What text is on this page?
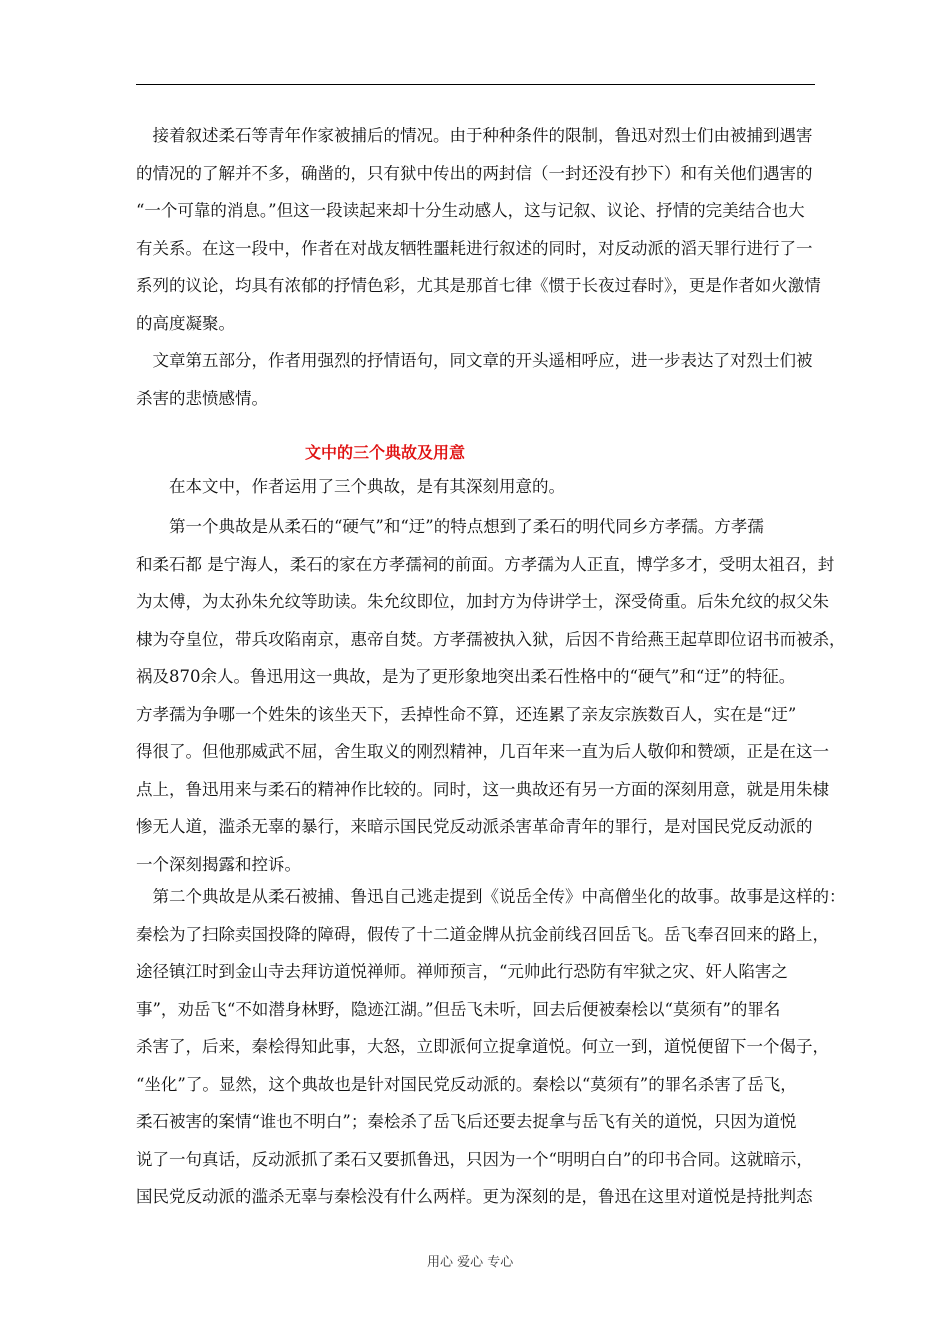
　接着叙述柔石等青年作家被捕后的情况。由于种种条件的限制，鲁迅对烈士们由被捕到遇害
的情况的了解并不多，确凿的，只有狱中传出的两封信（一封还没有抄下）和有关他们遇害的
“一个可靠的消息。”但这一段读起来却十分生动感人，这与记叙、议论、抒情的完美结合也大
有关系。在这一段中，作者在对战友牺牲噩耗进行叙述的同时，对反动派的滔天罪行进行了一
系列的议论，均具有浓郁的抒情色彩，尤其是那首七律《惯于长夜过春时》，更是作者如火激情
的高度凝聚。
　文章第五部分，作者用强烈的抒情语句，同文章的开头遥相呼应，进一步表达了对烈士们被
杀害的悲愤感情。
文中的三个典故及用意
　　在本文中，作者运用了三个典故，是有其深刻用意的。
　　第一个典故是从柔石的“硬气”和“迂”的特点想到了柔石的明代同乡方孝孺。方孝孺
和柔石都 是宁海人，柔石的家在方孝孺祠的前面。方孝孺为人正直，博学多才，受明太祖召，封
为太傅，为太孙朱允纹等助读。朱允纹即位，加封方为侍讲学士，深受倚重。后朱允纹的叔父朱
棣为夺皇位，带兵攻陷南京，惠帝自焚。方孝孺被执入狱，后因不肯给燕王起草即位诏书而被杀，
祸及870余人。鲁迅用这一典故，是为了更形象地突出柔石性格中的“硬气”和“迂”的特征。
方孝孺为争哪一个姓朱的该坐天下，丢掉性命不算，还连累了亲友宗族数百人，实在是“迂”
得很了。但他那威武不屈，舍生取义的刚烈精神，几百年来一直为后人敬仰和赞颂，正是在这一
点上，鲁迅用来与柔石的精神作比较的。同时，这一典故还有另一方面的深刻用意，就是用朱棣
惨无人道，滥杀无辜的暴行，来暗示国民党反动派杀害革命青年的罪行，是对国民党反动派的
一个深刻揭露和控诉。
　第二个典故是从柔石被捕、鲁迅自己逃走提到《说岳全传》中高僧坐化的故事。故事是这样的：
秦桧为了扫除卖国投降的障碍，假传了十二道金牌从抗金前线召回岳飞。岳飞奉召回来的路上，
途径镇江时到金山寺去拜访道悦禅师。禅师预言，“元帅此行恐防有牢狱之灾、奸人陷害之
事”，劝岳飞“不如潜身林野，隐迹江湖。”但岳飞未听，回去后便被秦桧以“莫须有”的罪名
杀害了，后来，秦桧得知此事，大怒，立即派何立捉拿道悦。何立一到，道悦便留下一个偈子，
“坐化”了。显然，这个典故也是针对国民党反动派的。秦桧以“莫须有”的罪名杀害了岳飞，
柔石被害的案情“谁也不明白”；秦桧杀了岳飞后还要去捉拿与岳飞有关的道悦，只因为道悦
说了一句真话，反动派抓了柔石又要抓鲁迅，只因为一个“明明白白”的印书合同。这就暗示，
国民党反动派的滥杀无辜与秦桧没有什么两样。更为深刻的是，鲁迅在这里对道悦是持批判态
用心 爱心 专心
